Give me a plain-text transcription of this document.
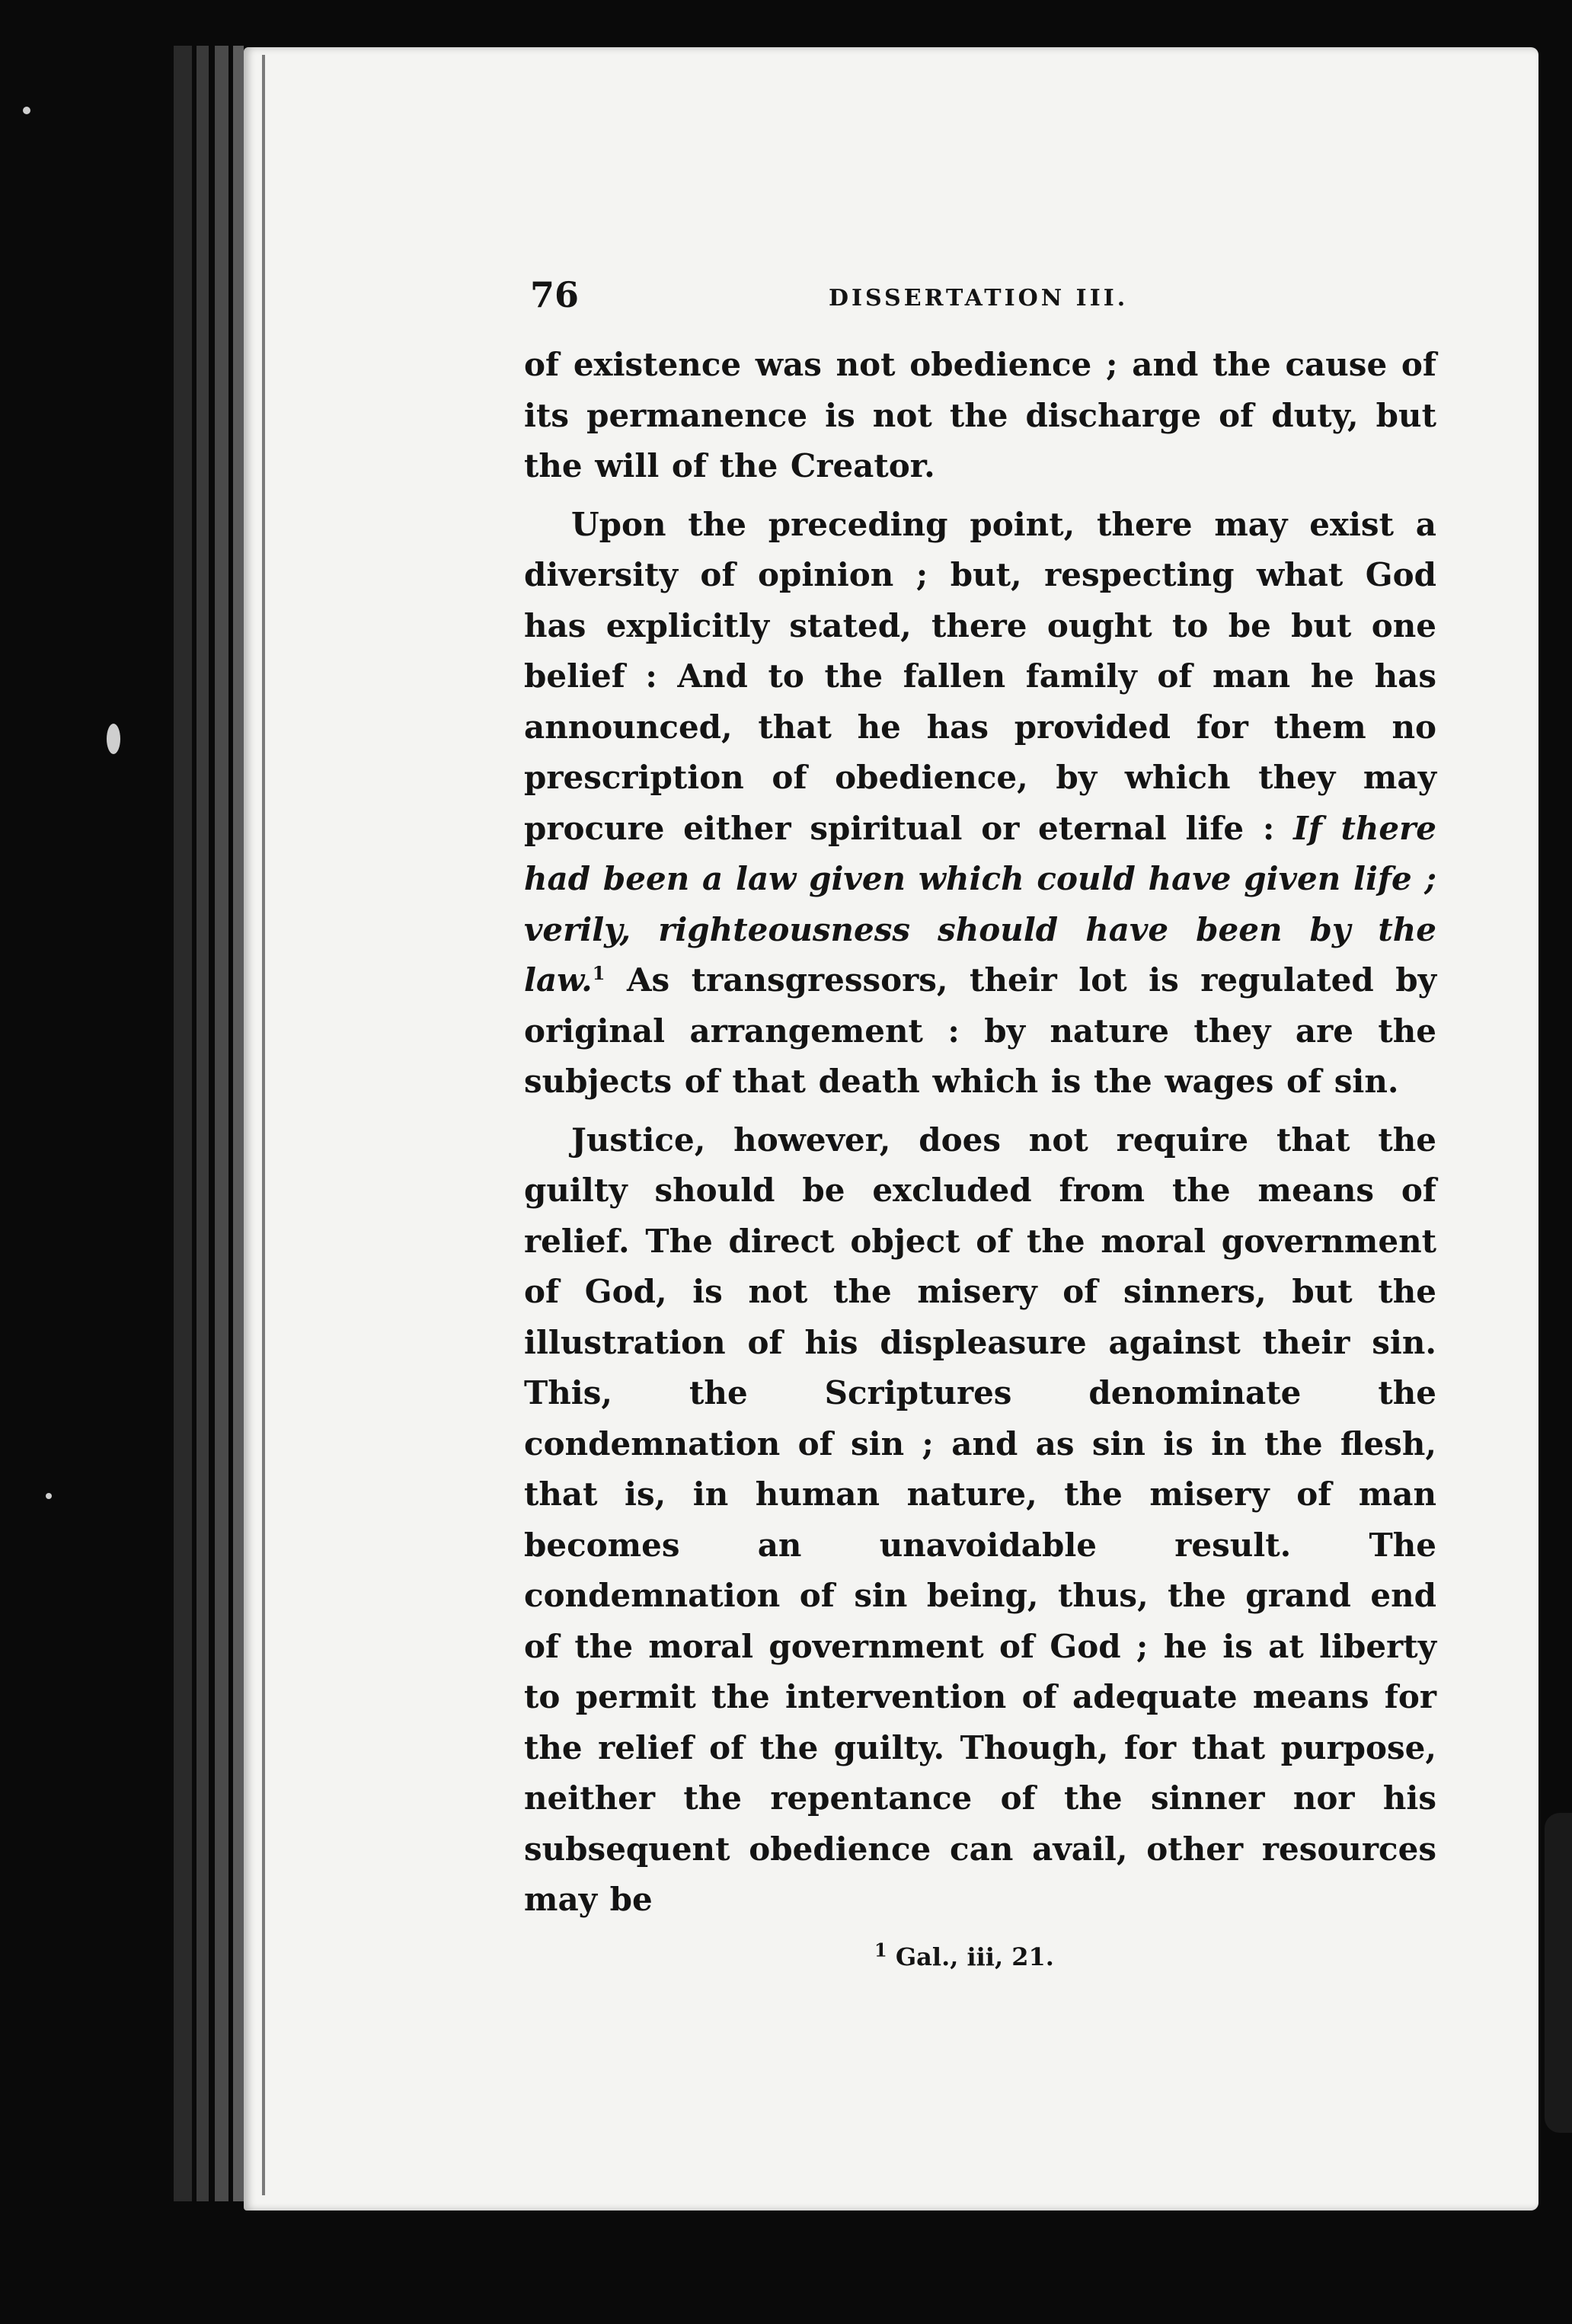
76	DISSERTATION III.

of existence was not obedience ; and the cause of its permanence is not the discharge of duty, but the will of the Creator.

Upon the preceding point, there may exist a diversity of opinion ; but, respecting what God has explicitly stated, there ought to be but one belief : And to the fallen family of man he has announced, that he has provided for them no prescription of obedience, by which they may procure either spiritual or eternal life : If there had been a law given which could have given life ; verily, righteousness should have been by the law.$^1$ As transgressors, their lot is regulated by original arrangement : by nature they are the subjects of that death which is the wages of sin.

Justice, however, does not require that the guilty should be excluded from the means of relief. The direct object of the moral government of God, is not the misery of sinners, but the illustration of his displeasure against their sin. This, the Scriptures denominate the condemnation of sin ; and as sin is in the flesh, that is, in human nature, the misery of man becomes an unavoidable result. The condemnation of sin being, thus, the grand end of the moral government of God ; he is at liberty to permit the intervention of adequate means for the relief of the guilty. Though, for that purpose, neither the repentance of the sinner nor his subsequent obedience can avail, other resources may be

$^1$ Gal., iii, 21.
